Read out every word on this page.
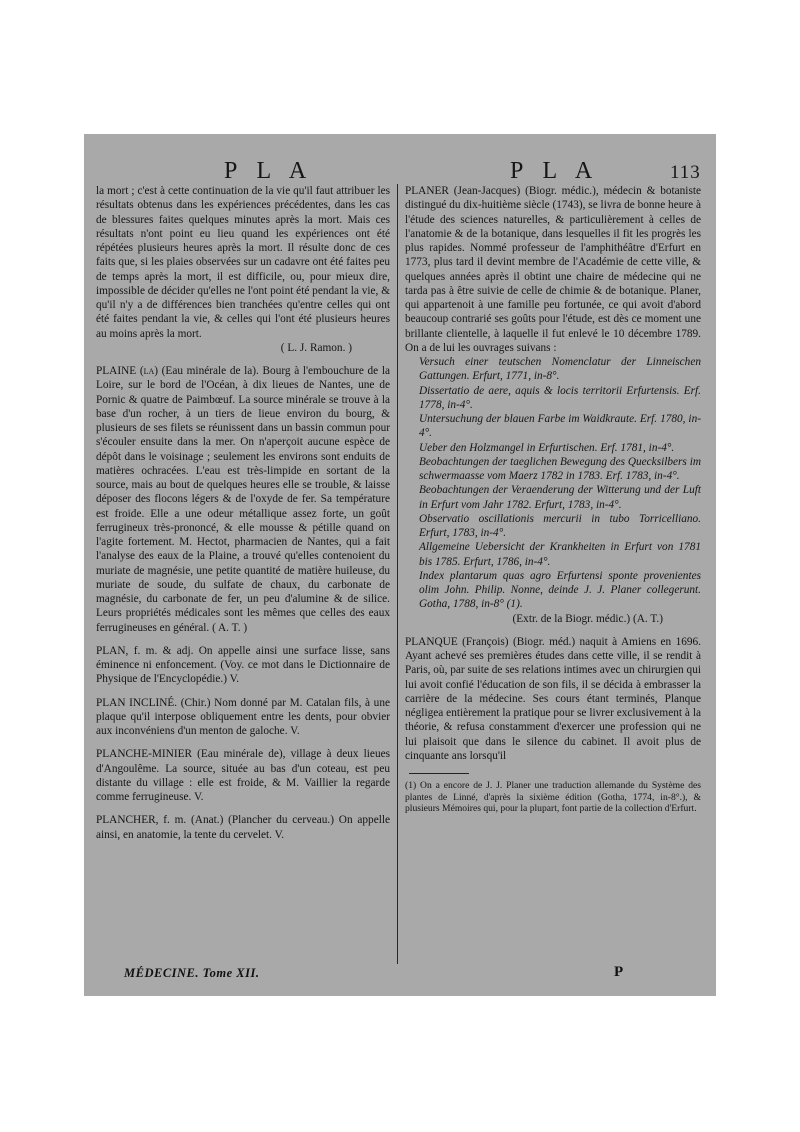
P L A	P L A	113

la mort ; c'est à cette continuation de la vie qu'il faut attribuer les résultats obtenus dans les expériences précédentes, dans les cas de blessures faites quelques minutes après la mort. Mais ces résultats n'ont point eu lieu quand les expériences ont été répétées plusieurs heures après la mort. Il résulte donc de ces faits que, si les plaies observées sur un cadavre ont été faites peu de temps après la mort, il est difficile, ou, pour mieux dire, impossible de décider qu'elles ne l'ont point été pendant la vie, & qu'il n'y a de différences bien tranchées qu'entre celles qui ont été faites pendant la vie, & celles qui l'ont été plusieurs heures au moins après la mort.

( L. J. Ramon. )

PLAINE (la) (Eau minérale de la). Bourg à l'embouchure de la Loire, sur le bord de l'Océan, à dix lieues de Nantes, une de Pornic & quatre de Paimbœuf. La source minérale se trouve à la base d'un rocher, à un tiers de lieue environ du bourg, & plusieurs de ses filets se réunissent dans un bassin commun pour s'écouler ensuite dans la mer. On n'aperçoit aucune espèce de dépôt dans le voisinage ; seulement les environs sont enduits de matières ochracées. L'eau est très-limpide en sortant de la source, mais au bout de quelques heures elle se trouble, & laisse déposer des flocons légers & de l'oxyde de fer. Sa température est froide. Elle a une odeur métallique assez forte, un goût ferrugineux très-prononcé, & elle mousse & pétille quand on l'agite fortement. M. Hectot, pharmacien de Nantes, qui a fait l'analyse des eaux de la Plaine, a trouvé qu'elles contenoient du muriate de magnésie, une petite quantité de matière huileuse, du muriate de soude, du sulfate de chaux, du carbonate de magnésie, du carbonate de fer, un peu d'alumine & de silice. Leurs propriétés médicales sont les mêmes que celles des eaux ferrugineuses en général. ( A. T. )

PLAN, f. m. & adj. On appelle ainsi une surface lisse, sans éminence ni enfoncement. (Voy. ce mot dans le Dictionnaire de Physique de l'Encyclopédie.) V.

PLAN INCLINÉ. (Chir.) Nom donné par M. Catalan fils, à une plaque qu'il interpose obliquement entre les dents, pour obvier aux inconvéniens d'un menton de galoche. V.

PLANCHE-MINIER (Eau minérale de), village à deux lieues d'Angoulême. La source, située au bas d'un coteau, est peu distante du village : elle est froide, & M. Vaillier la regarde comme ferrugineuse. V.

PLANCHER, f. m. (Anat.) (Plancher du cerveau.) On appelle ainsi, en anatomie, la tente du cervelet. V.

PLANER (Jean-Jacques) (Biogr. médic.), médecin & botaniste distingué du dix-huitième siècle (1743), se livra de bonne heure à l'étude des sciences naturelles, & particulièrement à celles de l'anatomie & de la botanique, dans lesquelles il fit les progrès les plus rapides. Nommé professeur de l'amphithéâtre d'Erfurt en 1773, plus tard il devint membre de l'Académie de cette ville, & quelques années après il obtint une chaire de médecine qui ne tarda pas à être suivie de celle de chimie & de botanique. Planer, qui appartenoit à une famille peu fortunée, ce qui avoit d'abord beaucoup contrarié ses goûts pour l'étude, est dès ce moment une brillante clientelle, à laquelle il fut enlevé le 10 décembre 1789. On a de lui les ouvrages suivans :

Versuch einer teutschen Nomenclatur der Linneischen Gattungen. Erfurt, 1771, in-8°.

Dissertatio de aere, aquis & locis territorii Erfurtensis. Erf. 1778, in-4°.

Untersuchung der blauen Farbe im Waidkraute. Erf. 1780, in-4°.

Ueber den Holzmangel in Erfurtischen. Erf. 1781, in-4°.

Beobachtungen der taeglichen Bewegung des Quecksilbers im schwermaasse vom Maerz 1782 in 1783. Erf. 1783, in-4°.

Beobachtungen der Veraenderung der Witterung und der Luft in Erfurt vom Jahr 1782. Erfurt, 1783, in-4°.

Observatio oscillationis mercurii in tubo Torricelliano. Erfurt, 1783, in-4°.

Allgemeine Uebersicht der Krankheiten in Erfurt von 1781 bis 1785. Erfurt, 1786, in-4°.

Index plantarum quas agro Erfurtensi sponte provenientes olim John. Philip. Nonne, deinde J. J. Planer collegerunt. Gotha, 1788, in-8° (1).

(Extr. de la Biogr. médic.) (A. T.)

PLANQUE (François) (Biogr. méd.) naquit à Amiens en 1696. Ayant achevé ses premières études dans cette ville, il se rendit à Paris, où, par suite de ses relations intimes avec un chirurgien qui lui avoit confié l'éducation de son fils, il se décida à embrasser la carrière de la médecine. Ses cours étant terminés, Planque négligea entièrement la pratique pour se livrer exclusivement à la théorie, & refusa constamment d'exercer une profession qui ne lui plaisoit que dans le silence du cabinet. Il avoit plus de cinquante ans lorsqu'il

(1) On a encore de J. J. Planer une traduction allemande du Système des plantes de Linné, d'après la sixième édition (Gotha, 1774, in-8°.), & plusieurs Mémoires qui, pour la plupart, font partie de la collection d'Erfurt.

MÉDECINE. Tome XII.	P
